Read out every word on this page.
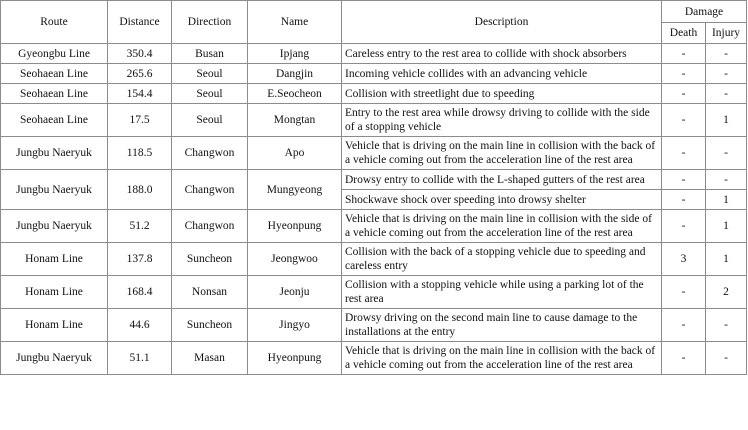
Route	Distance	Direction	Name	Description	Damage	
					Death	Injury
Gyeongbu Line	350.4	Busan	Ipjang	Careless entry to the rest area to collide with shock absorbers	-	-
Seohaean Line	265.6	Seoul	Dangjin	Incoming vehicle collides with an advancing vehicle	-	-
Seohaean Line	154.4	Seoul	E.Seocheon	Collision with streetlight due to speeding	-	-
Seohaean Line	17.5	Seoul	Mongtan	Entry to the rest area while drowsy driving to collide with the side of a stopping vehicle	-	1
Jungbu Naeryuk	118.5	Changwon	Apo	Vehicle that is driving on the main line in collision with the back of a vehicle coming out from the acceleration line of the rest area	-	-
Jungbu Naeryuk	188.0	Changwon	Mungyeong	Drowsy entry to collide with the L-shaped gutters of the rest area	-	-
				Shockwave shock over speeding into drowsy shelter	-	1
Jungbu Naeryuk	51.2	Changwon	Hyeonpung	Vehicle that is driving on the main line in collision with the side of a vehicle coming out from the acceleration line of the rest area	-	1
Honam Line	137.8	Suncheon	Jeongwoo	Collision with the back of a stopping vehicle due to speeding and careless entry	3	1
Honam Line	168.4	Nonsan	Jeonju	Collision with a stopping vehicle while using a parking lot of the rest area	-	2
Honam Line	44.6	Suncheon	Jingyo	Drowsy driving on the second main line to cause damage to the installations at the entry	-	-
Jungbu Naeryuk	51.1	Masan	Hyeonpung	Vehicle that is driving on the main line in collision with the back of a vehicle coming out from the acceleration line of the rest area	-	-
